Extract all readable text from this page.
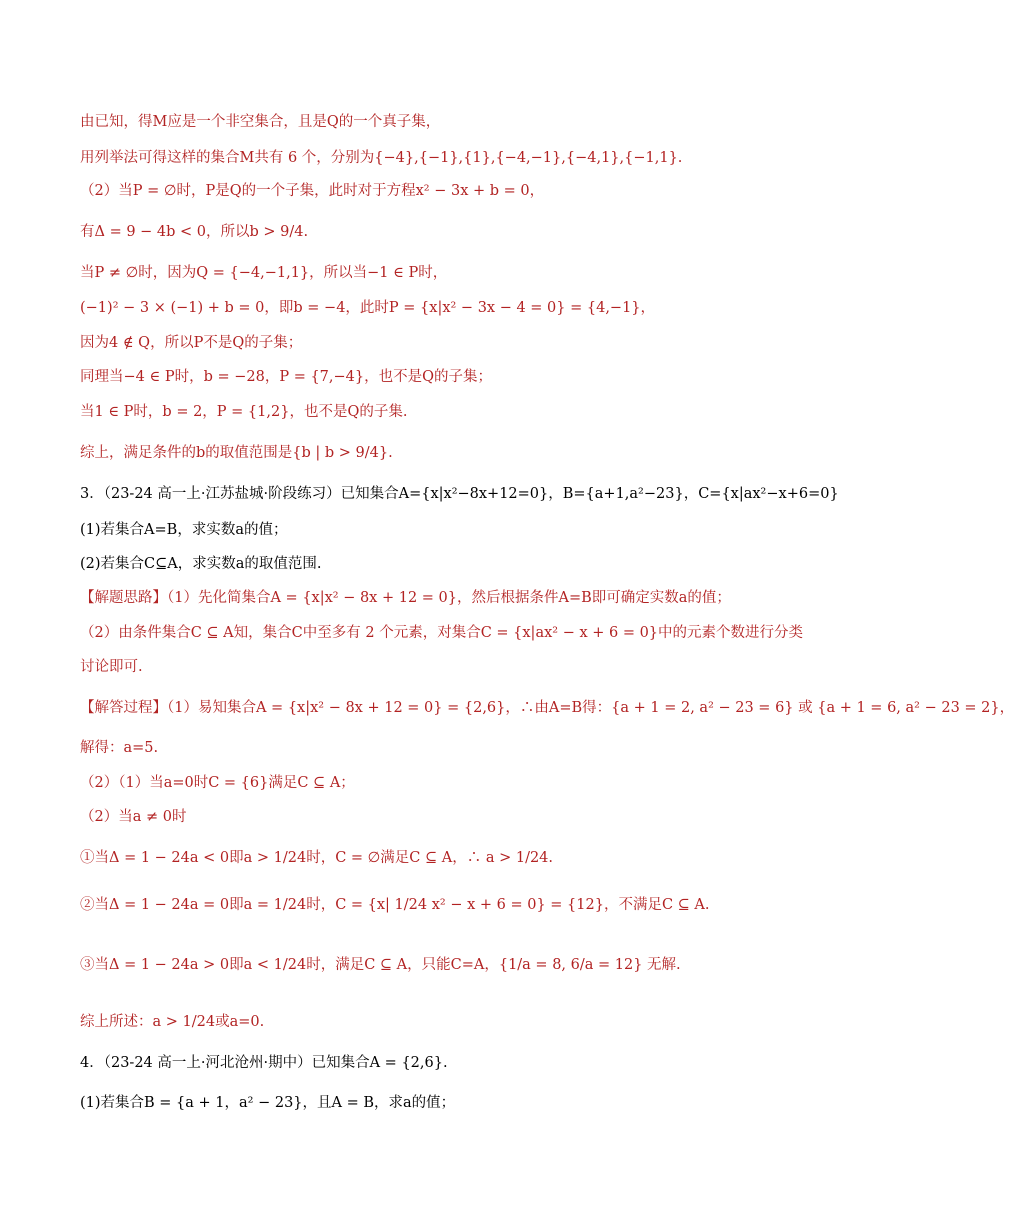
由已知，得M应是一个非空集合，且是Q的一个真子集，
用列举法可得这样的集合M共有 6 个，分别为{−4},{−1},{1},{−4,−1},{−4,1},{−1,1}.
（2）当P = ∅时，P是Q的一个子集，此时对于方程x² − 3x + b = 0，
有Δ = 9 − 4b < 0，所以b > 9/4.
当P ≠ ∅时，因为Q = {−4,−1,1}，所以当−1 ∈ P时，
(−1)² − 3 × (−1) + b = 0，即b = −4，此时P = {x|x² − 3x − 4 = 0} = {4,−1}，
因为4 ∉ Q，所以P不是Q的子集；
同理当−4 ∈ P时，b = −28，P = {7,−4}，也不是Q的子集；
当1 ∈ P时，b = 2，P = {1,2}，也不是Q的子集.
综上，满足条件的b的取值范围是{b | b > 9/4}.
3．（23-24 高一上·江苏盐城·阶段练习）已知集合A={x|x²−8x+12=0}，B={a+1,a²−23}，C={x|ax²−x+6=0}
(1)若集合A=B，求实数a的值；
(2)若集合C⊆A，求实数a的取值范围.
【解题思路】（1）先化简集合A = {x|x² − 8x + 12 = 0}，然后根据条件A=B即可确定实数a的值；
（2）由条件集合C ⊆ A知，集合C中至多有 2 个元素，对集合C = {x|ax² − x + 6 = 0}中的元素个数进行分类
讨论即可.
【解答过程】（1）易知集合A = {x|x² − 8x + 12 = 0} = {2,6}，∴由A=B得：{a + 1 = 2, a² − 23 = 6} 或 {a + 1 = 6, a² − 23 = 2}，
解得：a=5.
（2）（1）当a=0时C = {6}满足C ⊆ A；
（2）当a ≠ 0时
①当Δ = 1 − 24a < 0即a > 1/24时，C = ∅满足C ⊆ A，∴ a > 1/24.
②当Δ = 1 − 24a = 0即a = 1/24时，C = {x| 1/24 x² − x + 6 = 0} = {12}，不满足C ⊆ A.
③当Δ = 1 − 24a > 0即a < 1/24时，满足C ⊆ A，只能C=A，{1/a = 8, 6/a = 12} 无解.
综上所述：a > 1/24或a=0.
4．（23-24 高一上·河北沧州·期中）已知集合A = {2,6}.
(1)若集合B = {a + 1，a² − 23}，且A = B，求a的值；
